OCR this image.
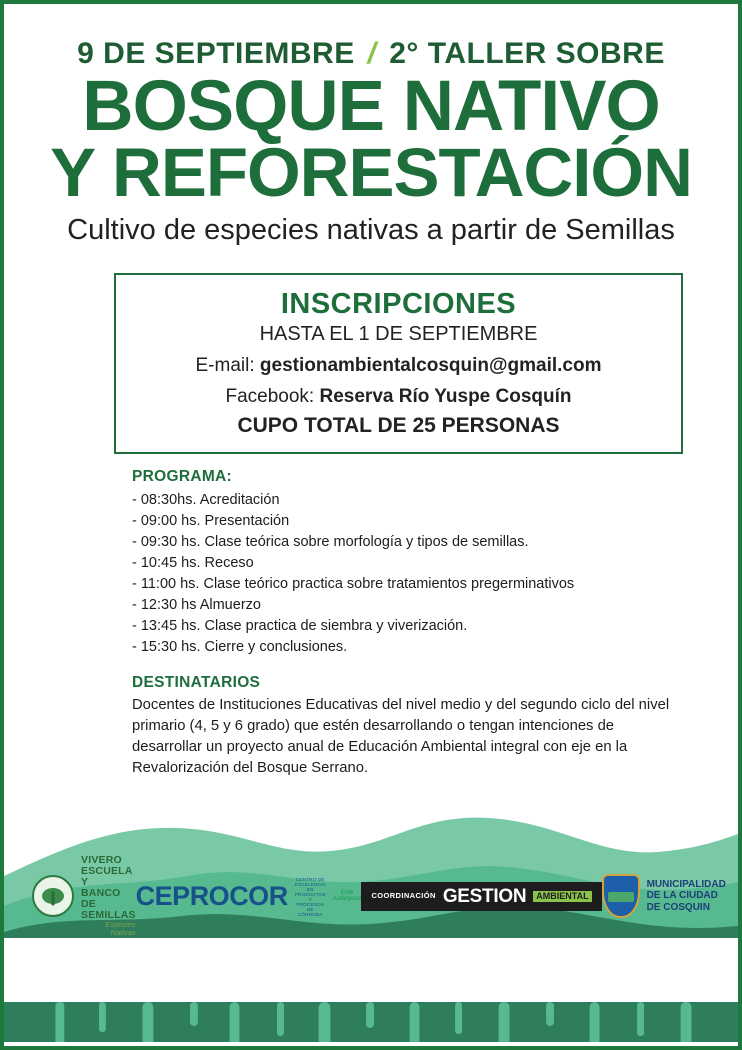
9 DE SEPTIEMBRE / 2° TALLER SOBRE
BOSQUE NATIVO
Y REFORESTACIÓN
Cultivo de especies nativas a partir de Semillas
INSCRIPCIONES
HASTA EL 1 DE SEPTIEMBRE
E-mail: gestionambientalcosquin@gmail.com
Facebook: Reserva Río Yuspe Cosquín
CUPO TOTAL DE 25 PERSONAS
PROGRAMA:
- 08:30hs. Acreditación
- 09:00 hs. Presentación
- 09:30 hs. Clase teórica sobre morfología y tipos de semillas.
- 10:45 hs. Receso
- 11:00 hs. Clase teórico practica sobre tratamientos pregerminativos
- 12:30 hs Almuerzo
- 13:45 hs. Clase practica de siembra y viverización.
- 15:30 hs. Cierre y conclusiones.
DESTINATARIOS
Docentes de Instituciones Educativas del nivel medio y del segundo ciclo del nivel primario (4, 5 y 6 grado) que estén desarrollando o tengan intenciones de desarrollar un proyecto anual de Educación Ambiental integral con eje en la Revalorización del Bosque Serrano.
VIVERO ESCUELA Y
BANCO DE SEMILLAS
Especies Nativas
CEPROCOR
CENTRO DE EXCELENCIA EN PRODUCTOS Y PROCESOS DE CÓRDOBA
Ente Autárquico COORDINACIÓN GESTION	AMBIENTAL
MUNICIPALIDAD
DE LA CIUDAD
DE COSQUIN
